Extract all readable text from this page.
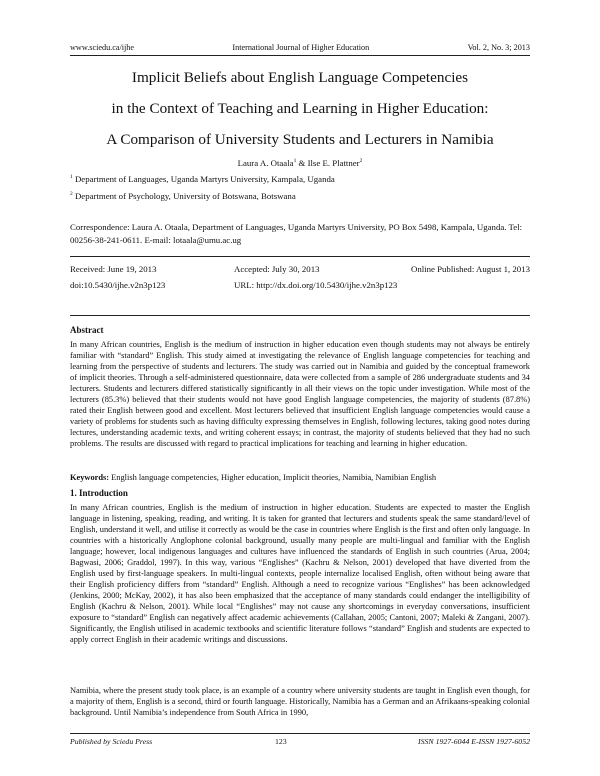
www.sciedu.ca/ijhe	International Journal of Higher Education	Vol. 2, No. 3; 2013
Implicit Beliefs about English Language Competencies
in the Context of Teaching and Learning in Higher Education:
A Comparison of University Students and Lecturers in Namibia
Laura A. Otaala$^1$ & Ilse E. Plattner$^2$
$^1$ Department of Languages, Uganda Martyrs University, Kampala, Uganda
$^2$ Department of Psychology, University of Botswana, Botswana
Correspondence: Laura A. Otaala, Department of Languages, Uganda Martyrs University, PO Box 5498, Kampala, Uganda. Tel: 00256-38-241-0611. E-mail: lotaala@umu.ac.ug
Received: June 19, 2013	Accepted: July 30, 2013	Online Published: August 1, 2013
doi:10.5430/ijhe.v2n3p123	URL: http://dx.doi.org/10.5430/ijhe.v2n3p123
Abstract

In many African countries, English is the medium of instruction in higher education even though students may not always be entirely familiar with “standard” English. This study aimed at investigating the relevance of English language competencies for teaching and learning from the perspective of students and lecturers. The study was carried out in Namibia and guided by the conceptual framework of implicit theories. Through a self-administered questionnaire, data were collected from a sample of 286 undergraduate students and 34 lecturers. Students and lecturers differed statistically significantly in all their views on the topic under investigation. While most of the lecturers (85.3%) believed that their students would not have good English language competencies, the majority of students (87.8%) rated their English between good and excellent. Most lecturers believed that insufficient English language competencies would cause a variety of problems for students such as having difficulty expressing themselves in English, following lectures, taking good notes during lectures, understanding academic texts, and writing coherent essays; in contrast, the majority of students believed that they had no such problems. The results are discussed with regard to practical implications for teaching and learning in higher education.

Keywords: English language competencies, Higher education, Implicit theories, Namibia, Namibian English
1. Introduction

In many African countries, English is the medium of instruction in higher education. Students are expected to master the English language in listening, speaking, reading, and writing. It is taken for granted that lecturers and students speak the same standard/level of English, understand it well, and utilise it correctly as would be the case in countries where English is the first and often only language. In countries with a historically Anglophone colonial background, usually many people are multi-lingual and familiar with the English language; however, local indigenous languages and cultures have influenced the standards of English in such countries (Arua, 2004; Bagwasi, 2006; Graddol, 1997). In this way, various “Englishes” (Kachru & Nelson, 2001) developed that have diverted from the English used by first-language speakers. In multi-lingual contexts, people internalize localised English, often without being aware that their English proficiency differs from “standard” English. Although a need to recognize various “Englishes” has been acknowledged (Jenkins, 2000; McKay, 2002), it has also been emphasized that the acceptance of many standards could endanger the intelligibility of English (Kachru & Nelson, 2001). While local “Englishes” may not cause any shortcomings in everyday conversations, insufficient exposure to “standard” English can negatively affect academic achievements (Callahan, 2005; Cantoni, 2007; Maleki & Zangani, 2007). Significantly, the English utilised in academic textbooks and scientific literature follows “standard” English and students are expected to apply correct English in their academic writings and discussions.

Namibia, where the present study took place, is an example of a country where university students are taught in English even though, for a majority of them, English is a second, third or fourth language. Historically, Namibia has a German and an Afrikaans-speaking colonial background. Until Namibia’s independence from South Africa in 1990,

Published by Sciedu Press	123	ISSN 1927-6044 E-ISSN 1927-6052
